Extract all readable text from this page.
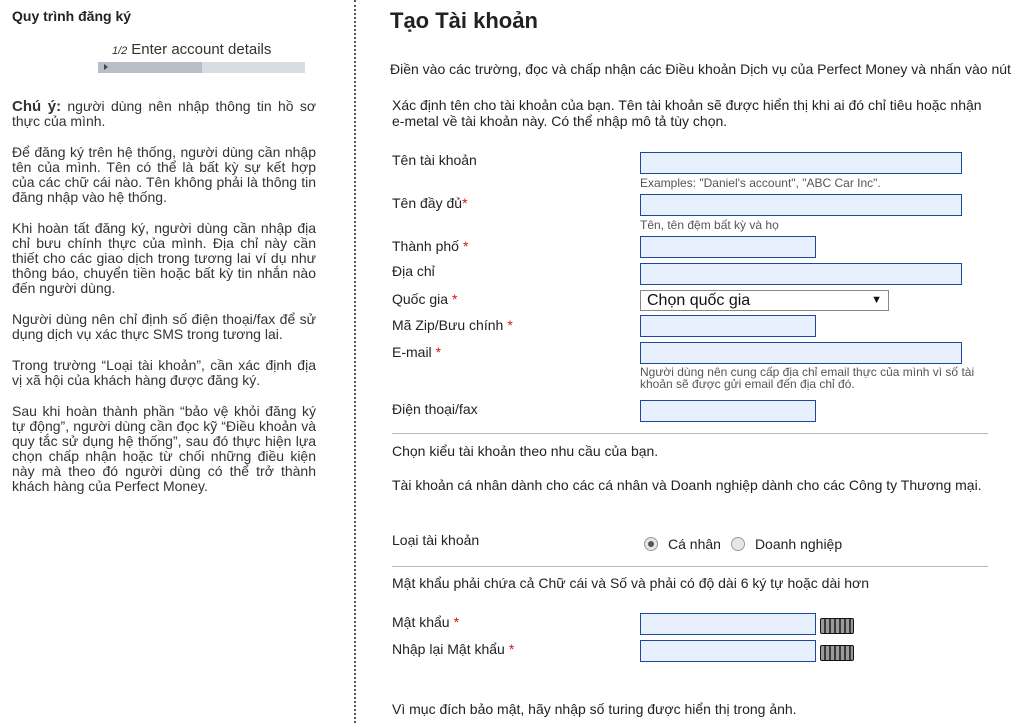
Quy trình đăng ký
1/2 Enter account details

Chú ý: người dùng nên nhập thông tin hồ sơ thực của mình.

Để đăng ký trên hệ thống, người dùng cần nhập tên của mình. Tên có thể là bất kỳ sự kết hợp của các chữ cái nào. Tên không phải là thông tin đăng nhập vào hệ thống.

Khi hoàn tất đăng ký, người dùng cần nhập địa chỉ bưu chính thực của mình. Địa chỉ này cần thiết cho các giao dịch trong tương lai ví dụ như thông báo, chuyển tiền hoặc bất kỳ tin nhắn nào đến người dùng.

Người dùng nên chỉ định số điện thoại/fax để sử dụng dịch vụ xác thực SMS trong tương lai.

Trong trường “Loại tài khoản”, cần xác định địa vị xã hội của khách hàng được đăng ký.

Sau khi hoàn thành phần “bảo vệ khỏi đăng ký tự động”, người dùng cần đọc kỹ “Điều khoản và quy tắc sử dụng hệ thống”, sau đó thực hiện lựa chọn chấp nhận hoặc từ chối những điều kiện này mà theo đó người dùng có thể trở thành khách hàng của Perfect Money.

Tạo Tài khoản
Điền vào các trường, đọc và chấp nhận các Điều khoản Dịch vụ của Perfect Money và nhấn vào nút
Xác định tên cho tài khoản của bạn. Tên tài khoản sẽ được hiển thị khi ai đó chỉ tiêu hoặc nhận e-metal về tài khoản này. Có thể nhập mô tả tùy chọn.
Tên tài khoản
Examples: "Daniel's account", "ABC Car Inc".
Tên đầy đủ*
Tên, tên đệm bất kỳ và họ
Thành phố *
Địa chỉ
Quốc gia *	Chọn quốc gia	▼
Mã Zip/Bưu chính *
E-mail *
Người dùng nên cung cấp địa chỉ email thực của mình vì số tài khoản sẽ được gửi email đến địa chỉ đó.
Điện thoại/fax
Chọn kiểu tài khoản theo nhu cầu của bạn.
Tài khoản cá nhân dành cho các cá nhân và Doanh nghiệp dành cho các Công ty Thương mại.
Loại tài khoản	Cá nhân Doanh nghiệp
Mật khẩu phải chứa cả Chữ cái và Số và phải có độ dài 6 ký tự hoặc dài hơn
Mật khẩu *
Nhập lại Mật khẩu *
Vì mục đích bảo mật, hãy nhập số turing được hiển thị trong ảnh.
